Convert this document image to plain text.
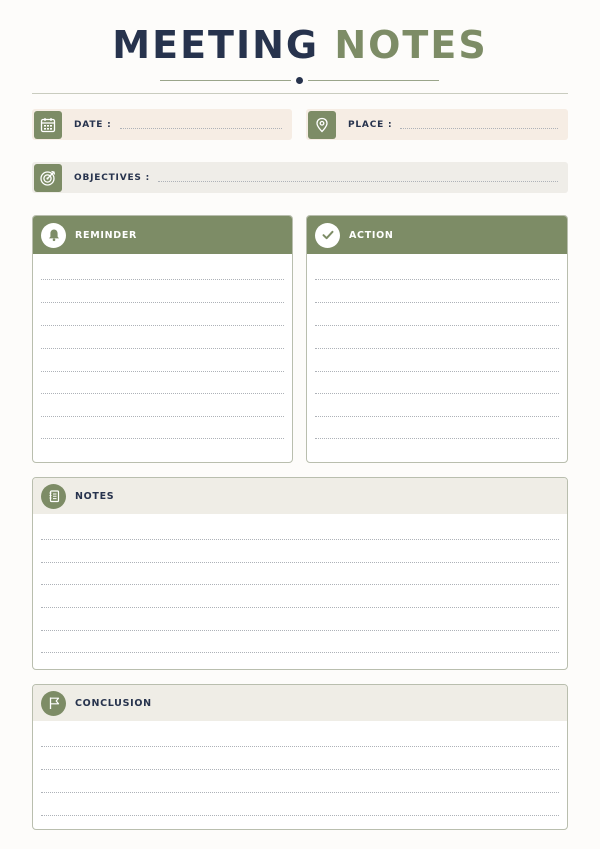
MEETING NOTES
DATE :	PLACE :
OBJECTIVES :
REMINDER	ACTION
NOTES
CONCLUSION
